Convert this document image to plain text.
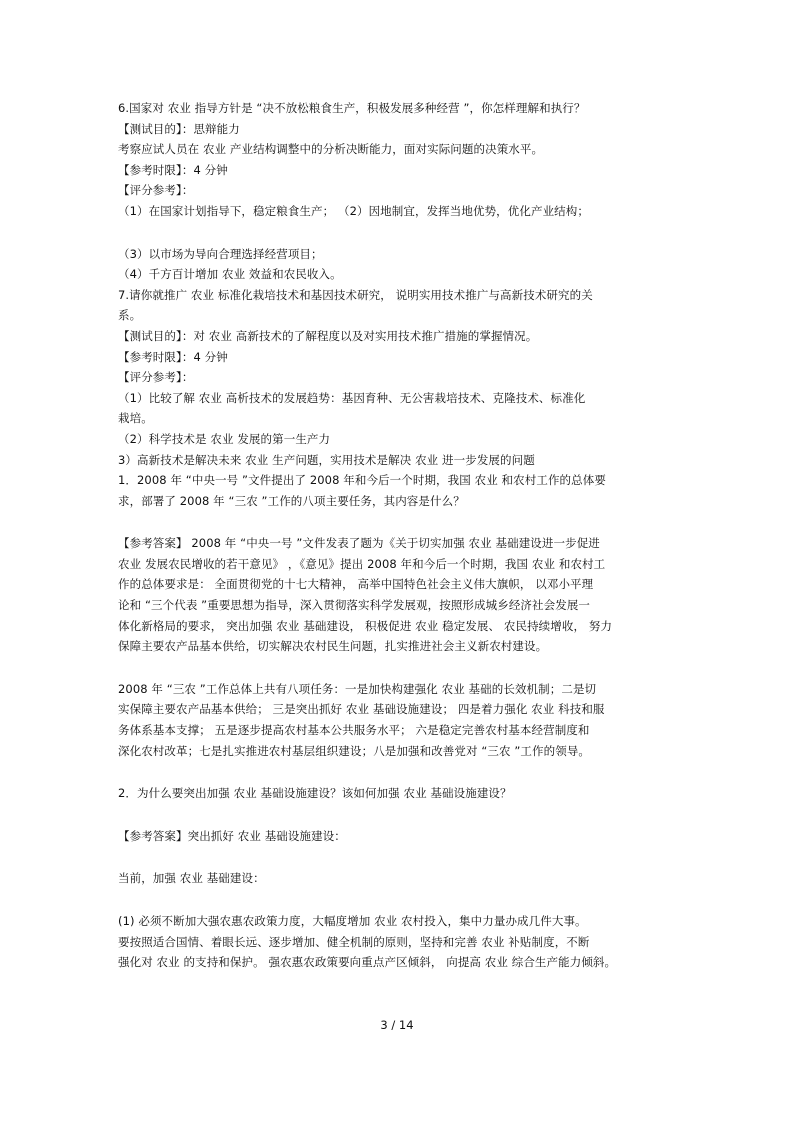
6.国家对 农业 指导方针是 “决不放松粮食生产，积极发展多种经营 ”，你怎样理解和执行？
【测试目的】：思辩能力
考察应试人员在 农业 产业结构调整中的分析决断能力，面对实际问题的决策水平。
【参考时限】：4 分钟
【评分参考】：
（1）在国家计划指导下，稳定粮食生产； （2）因地制宜，发挥当地优势，优化产业结构；
（3）以市场为导向合理选择经营项目；
（4）千方百计增加 农业 效益和农民收入。
7.请你就推广 农业 标准化栽培技术和基因技术研究， 说明实用技术推广与高新技术研究的关
系。
【测试目的】：对 农业 高新技术的了解程度以及对实用技术推广措施的掌握情况。
【参考时限】：4 分钟
【评分参考】：
（1）比较了解 农业 高析技术的发展趋势：基因育种、无公害栽培技术、克隆技术、标准化
栽培。
（2）科学技术是 农业 发展的第一生产力
3）高新技术是解决未来 农业 生产问题，实用技术是解决 农业 进一步发展的问题
1．2008 年 “中央一号 ”文件提出了 2008 年和今后一个时期，我国 农业 和农村工作的总体要
求，部署了 2008 年 “三农 ”工作的八项主要任务，其内容是什么？
【参考答案】 2008 年 “中央一号 ”文件发表了题为《关于切实加强 农业 基础建设进一步促进
农业 发展农民增收的若干意见》 ，《意见》提出 2008 年和今后一个时期，我国 农业 和农村工
作的总体要求是： 全面贯彻党的十七大精神， 高举中国特色社会主义伟大旗帜， 以邓小平理
论和 “三个代表 ”重要思想为指导，深入贯彻落实科学发展观，按照形成城乡经济社会发展一
体化新格局的要求， 突出加强 农业 基础建设， 积极促进 农业 稳定发展、 农民持续增收， 努力
保障主要农产品基本供给，切实解决农村民生问题，扎实推进社会主义新农村建设。
2008 年 “三农 ”工作总体上共有八项任务：一是加快构建强化 农业 基础的长效机制；二是切
实保障主要农产品基本供给； 三是突出抓好 农业 基础设施建设； 四是着力强化 农业 科技和服
务体系基本支撑； 五是逐步提高农村基本公共服务水平； 六是稳定完善农村基本经营制度和
深化农村改革；七是扎实推进农村基层组织建设；八是加强和改善党对 “三农 ”工作的领导。
2．为什么要突出加强 农业 基础设施建设？该如何加强 农业 基础设施建设？
【参考答案】突出抓好 农业 基础设施建设：
当前，加强 农业 基础建设：
(1) 必须不断加大强农惠农政策力度，大幅度增加 农业 农村投入，集中力量办成几件大事。
要按照适合国情、着眼长远、逐步增加、健全机制的原则，坚持和完善 农业 补贴制度，不断
强化对 农业 的支持和保护。 强农惠农政策要向重点产区倾斜， 向提高 农业 综合生产能力倾斜。
3 / 14
